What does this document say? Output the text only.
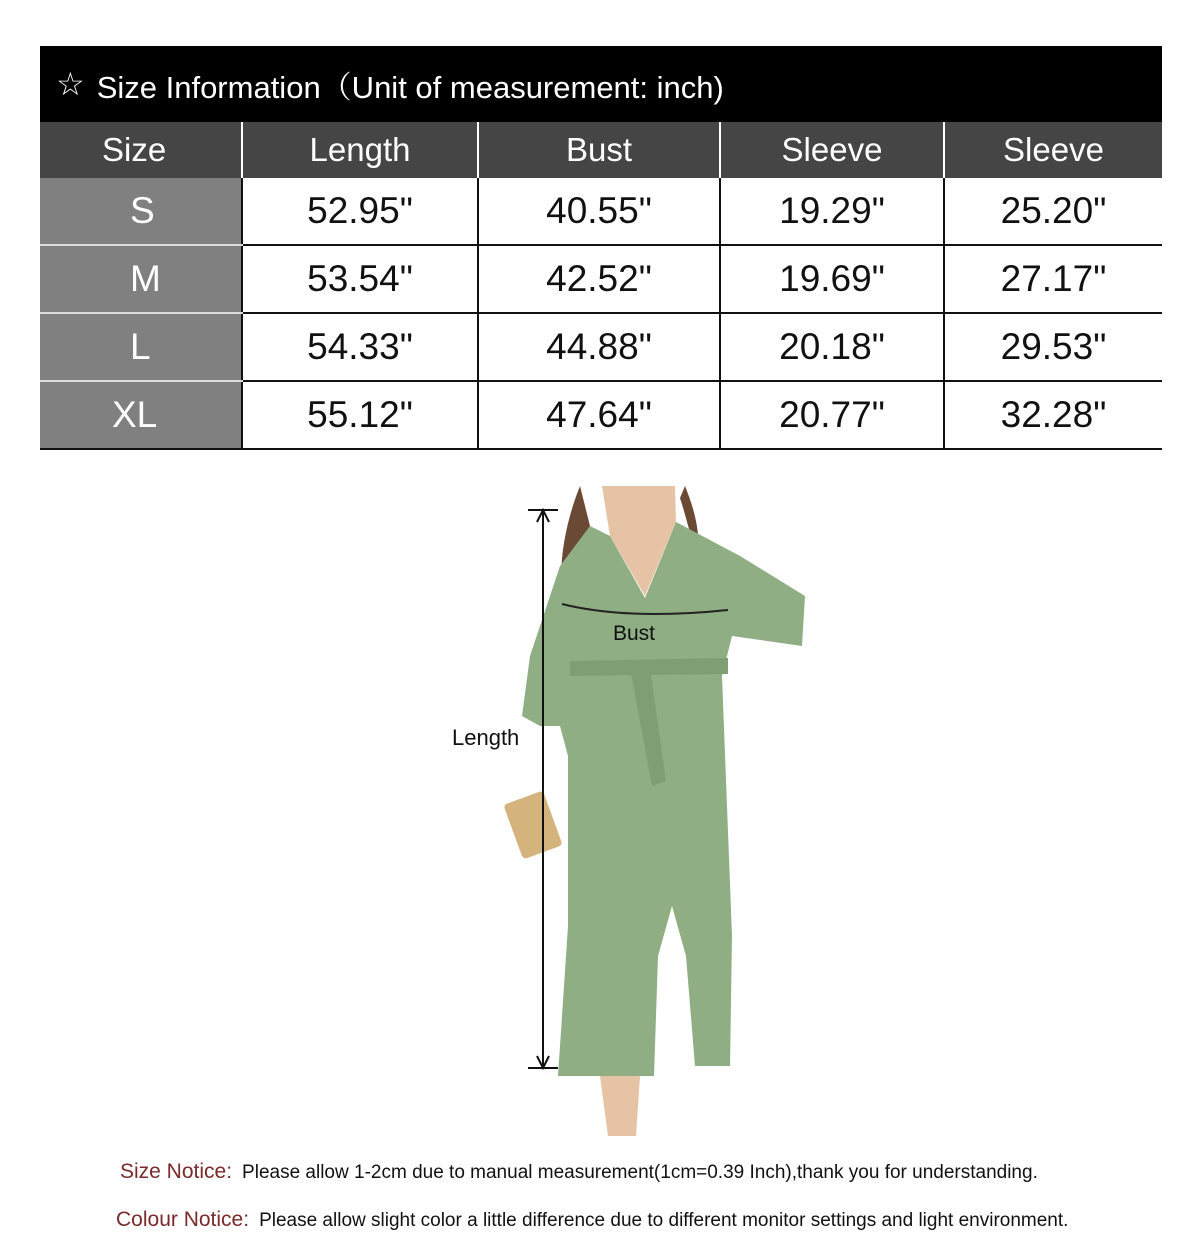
☆ Size Information（Unit of measurement: inch)
Size	Length	Bust	Sleeve	Sleeve
S	52.95"	40.55"	19.29"	25.20"
M	53.54"	42.52"	19.69"	27.17"
L	54.33"	44.88"	20.18"	29.53"
XL	55.12"	47.64"	20.77"	32.28"
Bust
Length
Size Notice: Please allow 1-2cm due to manual measurement(1cm=0.39 Inch),thank you for understanding.
Colour Notice: Please allow slight color a little difference due to different monitor settings and light environment.
